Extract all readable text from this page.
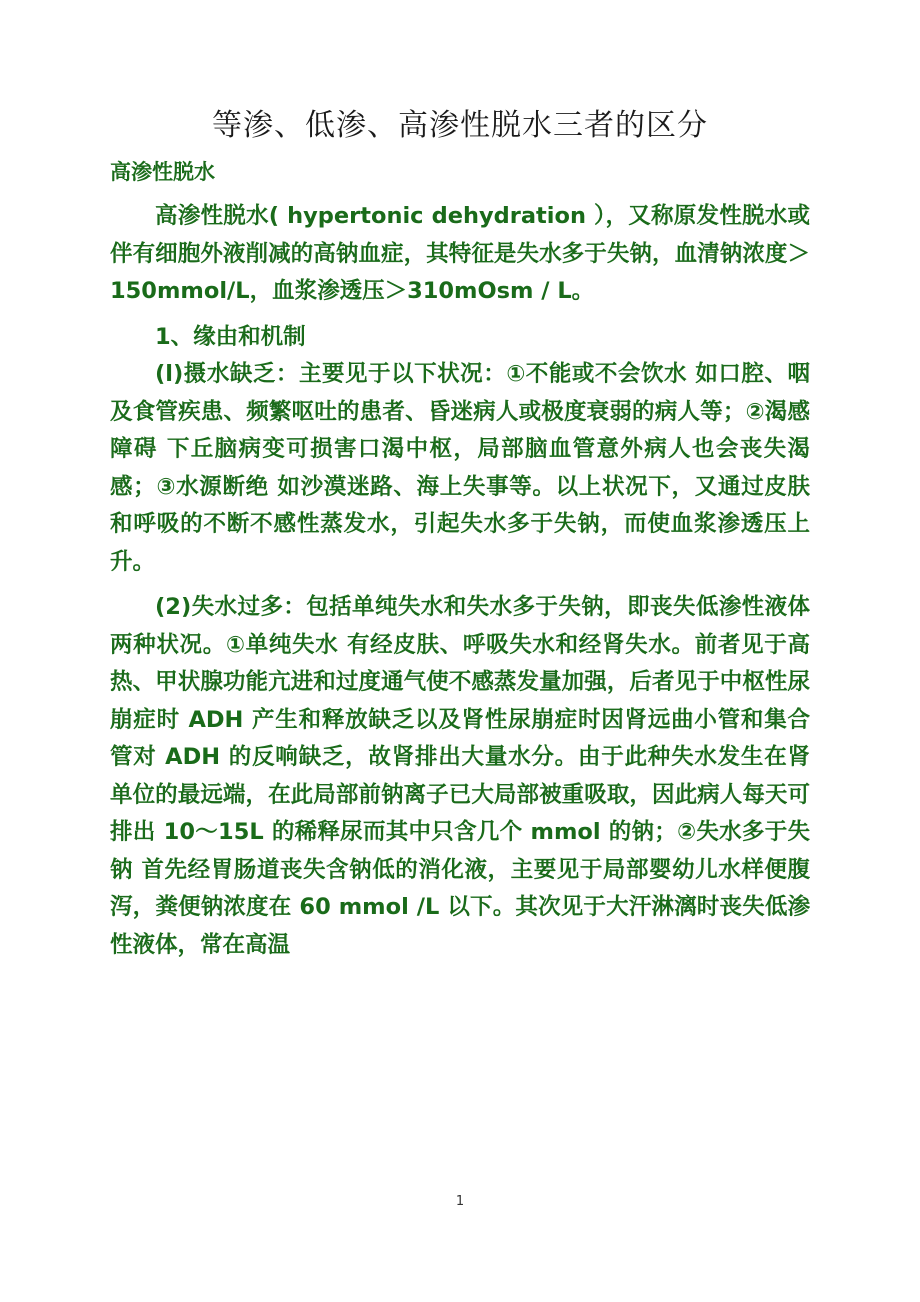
等渗、低渗、高渗性脱水三者的区分
高渗性脱水

高渗性脱水( hypertonic dehydration ），又称原发性脱水或伴有细胞外液削减的高钠血症，其特征是失水多于失钠，血清钠浓度＞150mmol/L，血浆渗透压＞310mOsm / L。

1、缘由和机制

(l)摄水缺乏：主要见于以下状况：①不能或不会饮水 如口腔、咽及食管疾患、频繁呕吐的患者、昏迷病人或极度衰弱的病人等；②渴感障碍 下丘脑病变可损害口渴中枢，局部脑血管意外病人也会丧失渴感；③水源断绝 如沙漠迷路、海上失事等。以上状况下，又通过皮肤和呼吸的不断不感性蒸发水，引起失水多于失钠，而使血浆渗透压上升。

(2)失水过多：包括单纯失水和失水多于失钠，即丧失低渗性液体两种状况。①单纯失水 有经皮肤、呼吸失水和经肾失水。前者见于高热、甲状腺功能亢进和过度通气使不感蒸发量加强，后者见于中枢性尿崩症时 ADH 产生和释放缺乏以及肾性尿崩症时因肾远曲小管和集合管对 ADH 的反响缺乏，故肾排出大量水分。由于此种失水发生在肾单位的最远端，在此局部前钠离子已大局部被重吸取，因此病人每天可排出 10～15L 的稀释尿而其中只含几个 mmol 的钠；②失水多于失钠 首先经胃肠道丧失含钠低的消化液，主要见于局部婴幼儿水样便腹泻，粪便钠浓度在 60 mmol /L 以下。其次见于大汗淋漓时丧失低渗性液体，常在高温

1
